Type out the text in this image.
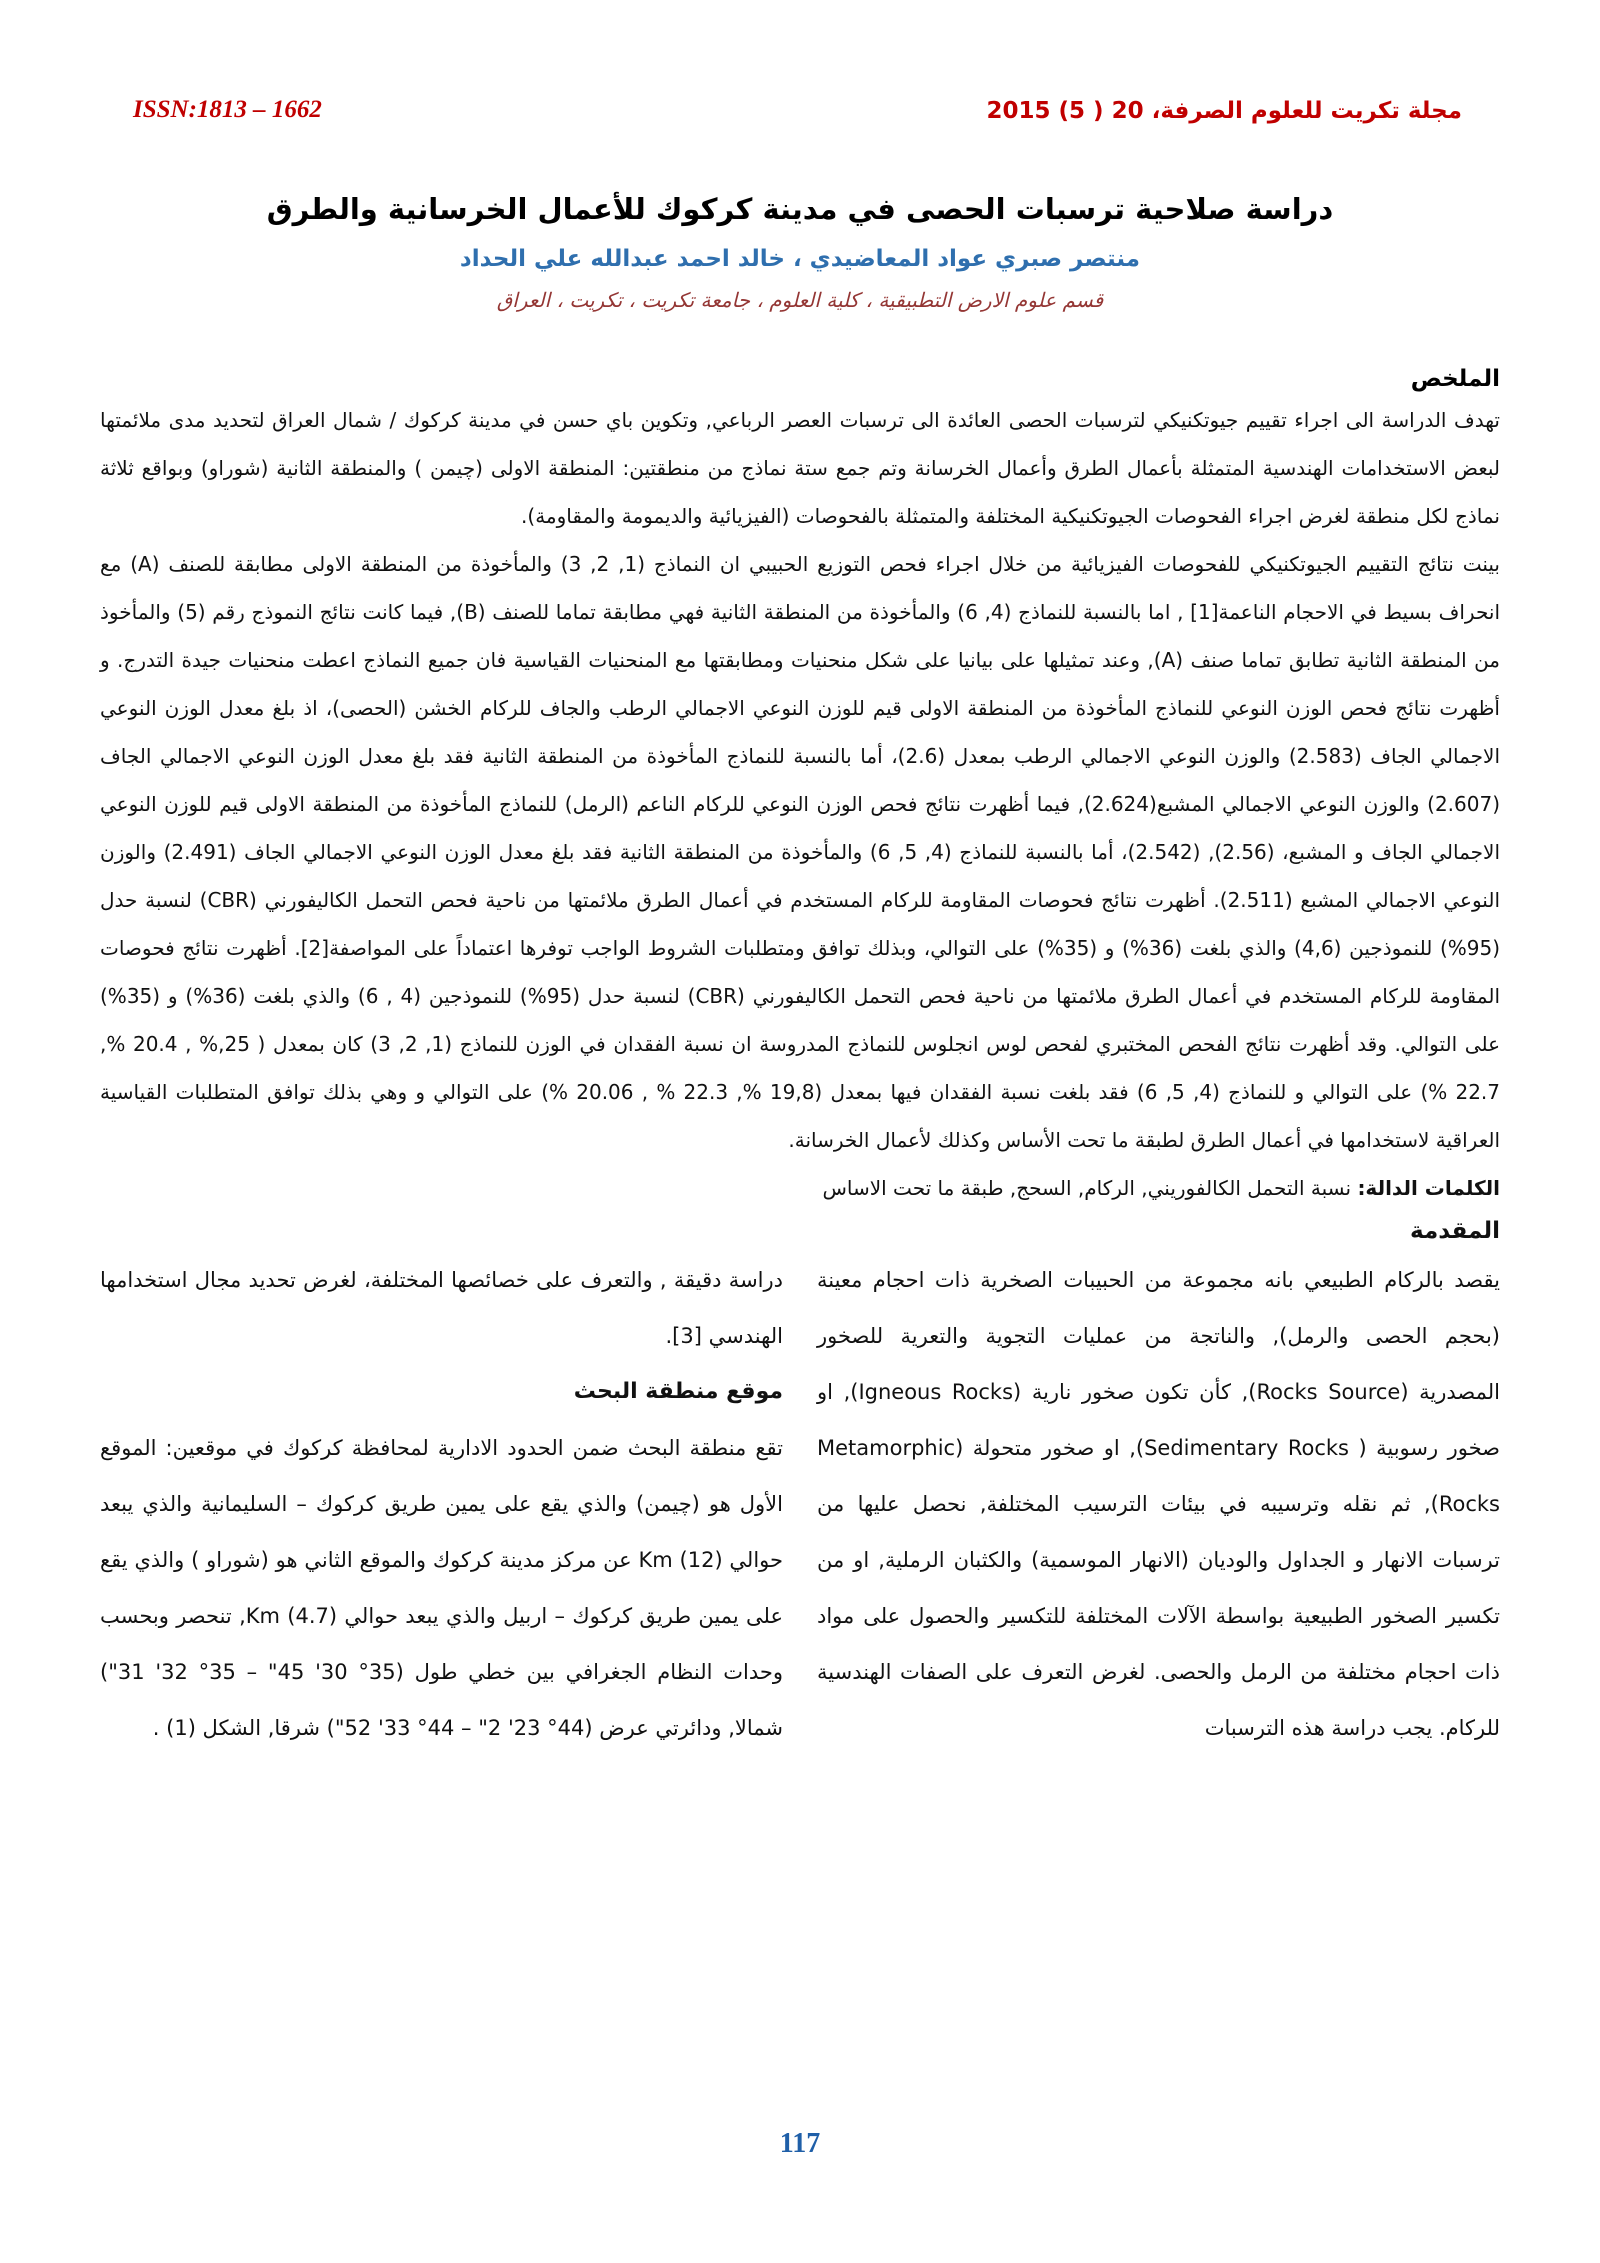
ISSN:1813 – 1662	مجلة تكريت للعلوم الصرفة، 20 ( 5) 2015
دراسة صلاحية ترسبات الحصى في مدينة كركوك للأعمال الخرسانية والطرق
منتصر صبري عواد المعاضيدي ، خالد احمد عبدالله علي الحداد
قسم علوم الارض التطبيقية ، كلية العلوم ، جامعة تكريت ، تكريت ، العراق
الملخص

تهدف الدراسة الى اجراء تقييم جيوتكنيكي لترسبات الحصى العائدة الى ترسبات العصر الرباعي, وتكوين باي حسن في مدينة كركوك / شمال العراق لتحديد مدى ملائمتها لبعض الاستخدامات الهندسية المتمثلة بأعمال الطرق وأعمال الخرسانة وتم جمع ستة نماذج من منطقتين: المنطقة الاولى (چيمن ) والمنطقة الثانية (شوراو) وبواقع ثلاثة نماذج لكل منطقة لغرض اجراء الفحوصات الجيوتكنيكية المختلفة والمتمثلة بالفحوصات (الفيزيائية والديمومة والمقاومة).

بينت نتائج التقييم الجيوتكنيكي للفحوصات الفيزيائية من خلال اجراء فحص التوزيع الحبيبي ان النماذج (1, 2, 3) والمأخوذة من المنطقة الاولى مطابقة للصنف (A) مع انحراف بسيط في الاحجام الناعمة[1] , اما بالنسبة للنماذج (4, 6) والمأخوذة من المنطقة الثانية فهي مطابقة تماما للصنف (B), فيما كانت نتائج النموذج رقم (5) والمأخوذ من المنطقة الثانية تطابق تماما صنف (A), وعند تمثيلها على بيانيا على شكل منحنيات ومطابقتها مع المنحنيات القياسية فان جميع النماذج اعطت منحنيات جيدة التدرج. و أظهرت نتائج فحص الوزن النوعي للنماذج المأخوذة من المنطقة الاولى قيم للوزن النوعي الاجمالي الرطب والجاف للركام الخشن (الحصى)، اذ بلغ معدل الوزن النوعي الاجمالي الجاف (2.583) والوزن النوعي الاجمالي الرطب بمعدل (2.6)، أما بالنسبة للنماذج المأخوذة من المنطقة الثانية فقد بلغ معدل الوزن النوعي الاجمالي الجاف (2.607) والوزن النوعي الاجمالي المشبع(2.624), فيما أظهرت نتائج فحص الوزن النوعي للركام الناعم (الرمل) للنماذج المأخوذة من المنطقة الاولى قيم للوزن النوعي الاجمالي الجاف و المشبع، (2.56), (2.542)، أما بالنسبة للنماذج (4, 5, 6) والمأخوذة من المنطقة الثانية فقد بلغ معدل الوزن النوعي الاجمالي الجاف (2.491) والوزن النوعي الاجمالي المشبع (2.511). أظهرت نتائج فحوصات المقاومة للركام المستخدم في أعمال الطرق ملائمتها من ناحية فحص التحمل الكاليفورني (CBR) لنسبة حدل (95%) للنموذجين (4,6) والذي بلغت (36%) و (35%) على التوالي، وبذلك توافق ومتطلبات الشروط الواجب توفرها اعتماداً على المواصفة[2]. أظهرت نتائج فحوصات المقاومة للركام المستخدم في أعمال الطرق ملائمتها من ناحية فحص التحمل الكاليفورني (CBR) لنسبة حدل (95%) للنموذجين (4 , 6) والذي بلغت (36%) و (35%) على التوالي. وقد أظهرت نتائج الفحص المختبري لفحص لوس انجلوس للنماذج المدروسة ان نسبة الفقدان في الوزن للنماذج (1, 2, 3) كان بمعدل ( 25,% , 20.4 %, 22.7 %) على التوالي و للنماذج (4, 5, 6) فقد بلغت نسبة الفقدان فيها بمعدل (19,8 %, 22.3 % , 20.06 %) على التوالي و وهي بذلك توافق المتطلبات القياسية العراقية لاستخدامها في أعمال الطرق لطبقة ما تحت الأساس وكذلك لأعمال الخرسانة.

الكلمات الدالة: نسبة التحمل الكالفوريني, الركام, السحج, طبقة ما تحت الاساس

المقدمة

يقصد بالركام الطبيعي بانه مجموعة من الحبيبات الصخرية ذات احجام معينة (بحجم الحصى والرمل), والناتجة من عمليات التجوية والتعرية للصخور المصدرية (Rocks Source), كأن تكون صخور نارية (Igneous Rocks), او صخور رسوبية ( Sedimentary Rocks), او صخور متحولة (Metamorphic Rocks), ثم نقله وترسيبه في بيئات الترسيب المختلفة, نحصل عليها من ترسبات الانهار و الجداول والوديان (الانهار الموسمية) والكثبان الرملية, او من تكسير الصخور الطبيعية بواسطة الآلات المختلفة للتكسير والحصول على مواد ذات احجام مختلفة من الرمل والحصى. لغرض التعرف على الصفات الهندسية للركام. يجب دراسة هذه الترسبات

دراسة دقيقة , والتعرف على خصائصها المختلفة، لغرض تحديد مجال استخدامها الهندسي [3].

موقع منطقة البحث

تقع منطقة البحث ضمن الحدود الادارية لمحافظة كركوك في موقعين: الموقع الأول هو (چيمن) والذي يقع على يمين طريق كركوك – السليمانية والذي يبعد حوالي (12) Km عن مركز مدينة كركوك والموقع الثاني هو (شوراو ) والذي يقع على يمين طريق كركوك – اربيل والذي يبعد حوالي (4.7) Km, تنحصر وبحسب وحدات النظام الجغرافي بين خطي طول (35° 30' 45" – 35° 32' 31") شمالا, ودائرتي عرض (44° 23' 2" – 44° 33' 52") شرقا, الشكل (1) .

117
